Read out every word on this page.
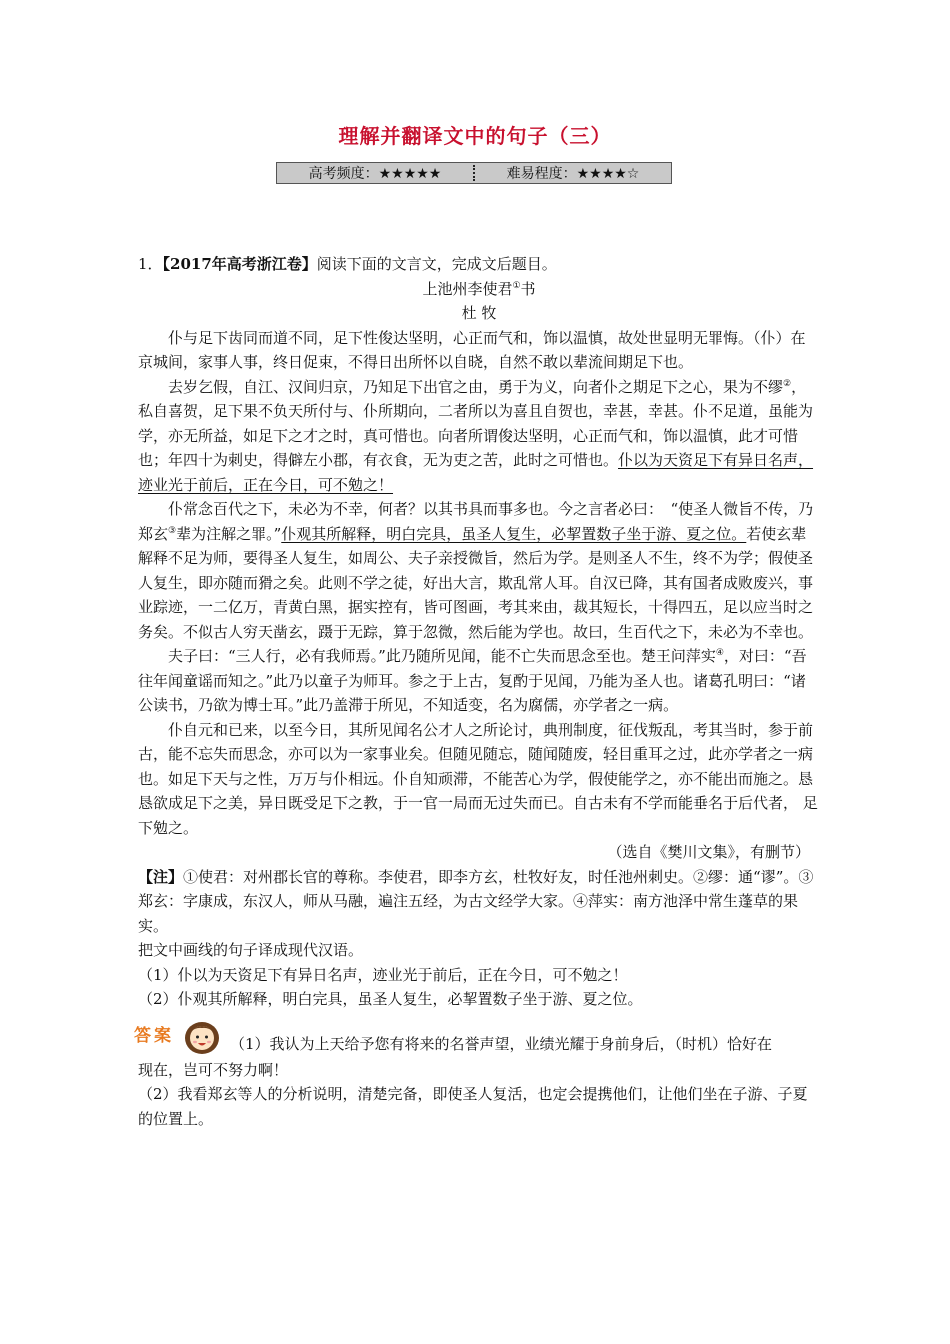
理解并翻译文中的句子（三）
高考频度：★★★★★	难易程度：★★★★☆

1．【2017年高考浙江卷】阅读下面的文言文，完成文后题目。

上池州李使君①书

杜 牧

仆与足下齿同而道不同，足下性俊达坚明，心正而气和，饰以温慎，故处世显明无罪悔。（仆）在京城间，家事人事，终日促束，不得日出所怀以自晓，自然不敢以辈流间期足下也。

去岁乞假，自江、汉间归京，乃知足下出官之由，勇于为义，向者仆之期足下之心，果为不缪②，私自喜贺，足下果不负天所付与、仆所期向，二者所以为喜且自贺也，幸甚，幸甚。仆不足道，虽能为学，亦无所益，如足下之才之时，真可惜也。向者所谓俊达坚明，心正而气和，饰以温慎，此才可惜也；年四十为刺史，得僻左小郡，有衣食，无为吏之苦，此时之可惜也。仆以为天资足下有异日名声，迹业光于前后，正在今日，可不勉之！

仆常念百代之下，未必为不幸，何者？以其书具而事多也。今之言者必曰：　“使圣人微旨不传，乃郑玄③辈为注解之罪。”仆观其所解释，明白完具，虽圣人复生，必挈置数子坐于游、夏之位。若使玄辈解释不足为师，要得圣人复生，如周公、夫子亲授微旨，然后为学。是则圣人不生，终不为学；假使圣人复生，即亦随而猾之矣。此则不学之徒，好出大言，欺乱常人耳。自汉已降，其有国者成败废兴，事业踪迹，一二亿万，青黄白黑，据实控有，皆可图画，考其来由，裁其短长，十得四五，足以应当时之务矣。不似古人穷天凿玄，蹑于无踪，算于忽微，然后能为学也。故曰，生百代之下，未必为不幸也。

夫子曰：“三人行，必有我师焉。”此乃随所见闻，能不亡失而思念至也。楚王问萍实④，对曰：“吾往年闻童谣而知之。”此乃以童子为师耳。参之于上古，复酌于见闻，乃能为圣人也。诸葛孔明曰：“诸公读书，乃欲为博士耳。”此乃盖滞于所见，不知适变，名为腐儒，亦学者之一病。

仆自元和已来，以至今日，其所见闻名公才人之所论讨，典刑制度，征伐叛乱，考其当时，参于前古，能不忘失而思念，亦可以为一家事业矣。但随见随忘，随闻随废，轻目重耳之过，此亦学者之一病也。如足下天与之性，万万与仆相远。仆自知顽滞，不能苦心为学，假使能学之，亦不能出而施之。恳恳欲成足下之美，异日既受足下之教，于一官一局而无过失而已。自古未有不学而能垂名于后代者， 足下勉之。

（选自《樊川文集》，有删节）

【注】①使君：对州郡长官的尊称。李使君，即李方玄，杜牧好友，时任池州刺史。②缪：通“谬”。③郑玄：字康成，东汉人，师从马融，遍注五经，为古文经学大家。④萍实：南方池泽中常生蓬草的果实。

把文中画线的句子译成现代汉语。

（1）仆以为天资足下有异日名声，迹业光于前后，正在今日，可不勉之！

（2）仆观其所解释，明白完具，虽圣人复生，必挈置数子坐于游、夏之位。

答案	（1）我认为上天给予您有将来的名誉声望，业绩光耀于身前身后，（时机）恰好在

现在，岂可不努力啊！

（2）我看郑玄等人的分析说明，清楚完备，即使圣人复活，也定会提携他们，让他们坐在子游、子夏的位置上。
